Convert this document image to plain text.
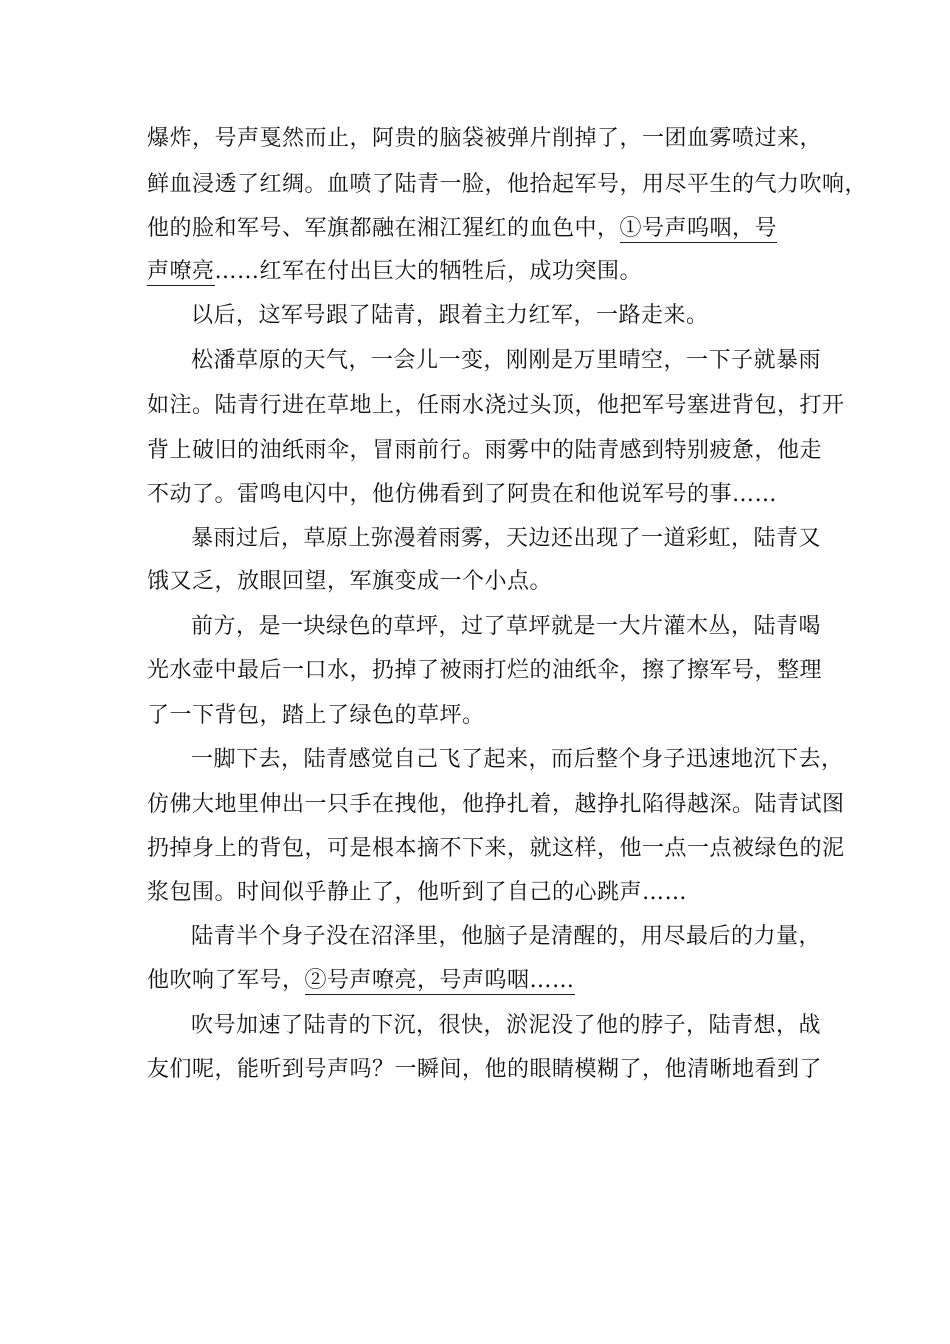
爆炸，号声戛然而止，阿贵的脑袋被弹片削掉了，一团血雾喷过来，
鲜血浸透了红绸。血喷了陆青一脸，他拾起军号，用尽平生的气力吹响，
他的脸和军号、军旗都融在湘江猩红的血色中，①号声呜咽，号
声嘹亮……红军在付出巨大的牺牲后，成功突围。
以后，这军号跟了陆青，跟着主力红军，一路走来。
松潘草原的天气，一会儿一变，刚刚是万里晴空，一下子就暴雨
如注。陆青行进在草地上，任雨水浇过头顶，他把军号塞进背包，打开
背上破旧的油纸雨伞，冒雨前行。雨雾中的陆青感到特别疲惫，他走
不动了。雷鸣电闪中，他仿佛看到了阿贵在和他说军号的事……
暴雨过后，草原上弥漫着雨雾，天边还出现了一道彩虹，陆青又
饿又乏，放眼回望，军旗变成一个小点。
前方，是一块绿色的草坪，过了草坪就是一大片灌木丛，陆青喝
光水壶中最后一口水，扔掉了被雨打烂的油纸伞，擦了擦军号，整理
了一下背包，踏上了绿色的草坪。
一脚下去，陆青感觉自己飞了起来，而后整个身子迅速地沉下去，
仿佛大地里伸出一只手在拽他，他挣扎着，越挣扎陷得越深。陆青试图
扔掉身上的背包，可是根本摘不下来，就这样，他一点一点被绿色的泥
浆包围。时间似乎静止了，他听到了自己的心跳声……
陆青半个身子没在沼泽里，他脑子是清醒的，用尽最后的力量，
他吹响了军号，②号声嘹亮，号声呜咽……
吹号加速了陆青的下沉，很快，淤泥没了他的脖子，陆青想，战
友们呢，能听到号声吗？一瞬间，他的眼睛模糊了，他清晰地看到了
